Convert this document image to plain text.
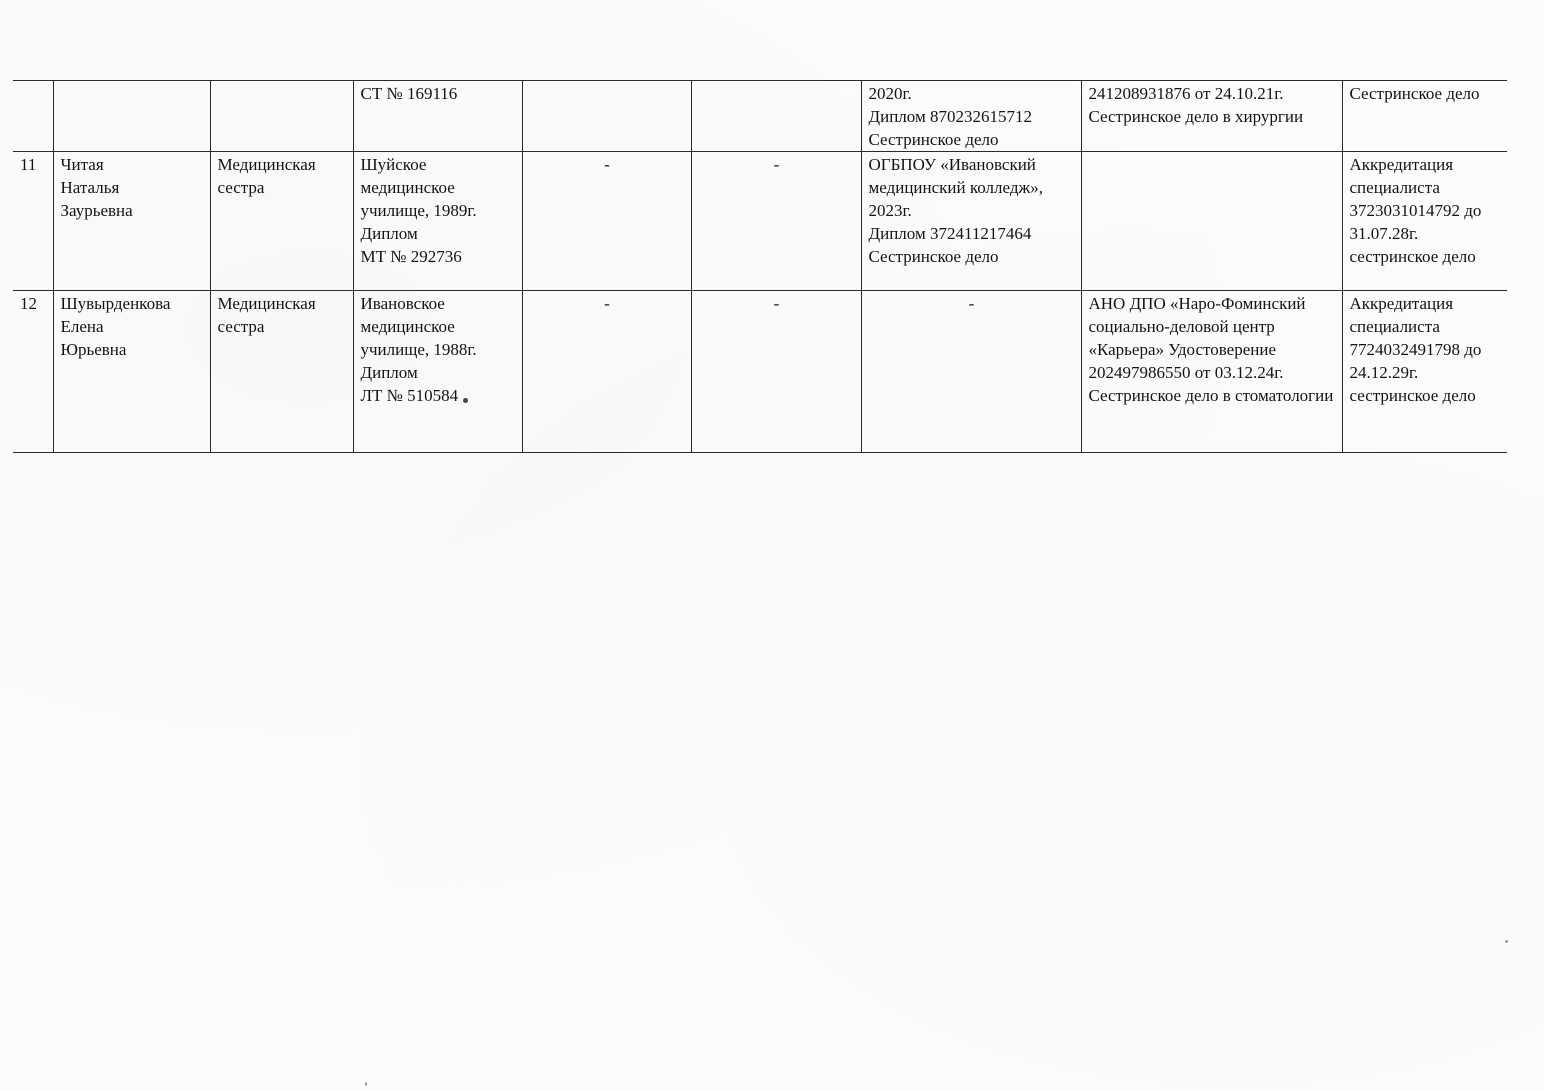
			СТ № 169116			2020г.
Диплом 870232615712
Сестринское дело	241208931876 от 24.10.21г.
Сестринское дело в хирургии	Сестринское дело
11	Читая
Наталья
Заурьевна	Медицинская сестра	Шуйское медицинское училище, 1989г.
Диплом
МТ № 292736	-	-	ОГБПОУ «Ивановский медицинский колледж», 2023г.
Диплом 372411217464
Сестринское дело		Аккредитация специалиста 3723031014792 до 31.07.28г. сестринское дело
12	Шувырденкова
Елена
Юрьевна	Медицинская сестра	Ивановское медицинское училище, 1988г.
Диплом
ЛТ № 510584	-	-	-	АНО ДПО «Наро-Фоминский социально-деловой центр «Карьера» Удостоверение 202497986550 от 03.12.24г.
Сестринское дело в стоматологии	Аккредитация специалиста 7724032491798 до 24.12.29г. сестринское дело
